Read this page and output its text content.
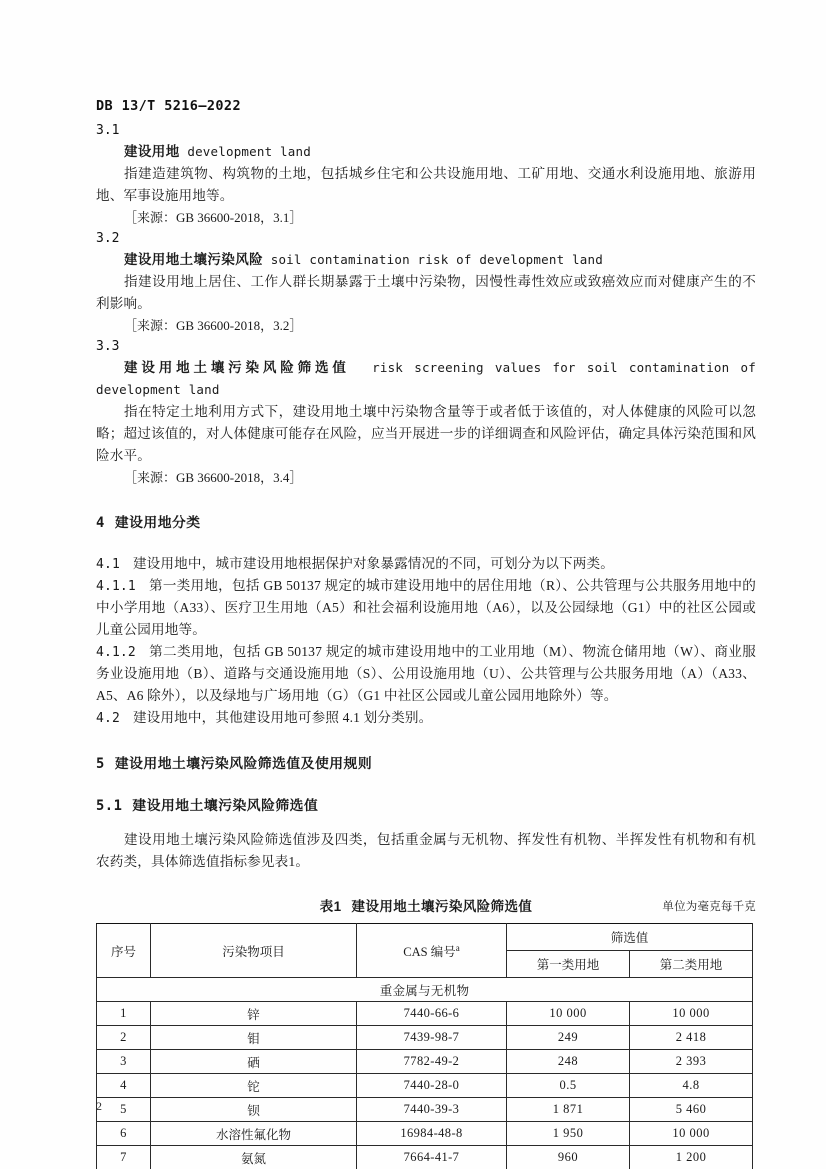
DB 13/T 5216—2022

3.1

建设用地 development land

指建造建筑物、构筑物的土地，包括城乡住宅和公共设施用地、工矿用地、交通水利设施用地、旅游用地、军事设施用地等。

［来源：GB 36600-2018，3.1］

3.2

建设用地土壤污染风险 soil contamination risk of development land

指建设用地上居住、工作人群长期暴露于土壤中污染物，因慢性毒性效应或致癌效应而对健康产生的不利影响。

［来源：GB 36600-2018，3.2］

3.3

建设用地土壤污染风险筛选值 risk screening values for soil contamination of development land

指在特定土地利用方式下，建设用地土壤中污染物含量等于或者低于该值的，对人体健康的风险可以忽略；超过该值的，对人体健康可能存在风险，应当开展进一步的详细调查和风险评估，确定具体污染范围和风险水平。

［来源：GB 36600-2018，3.4］

4 建设用地分类

4.1 建设用地中，城市建设用地根据保护对象暴露情况的不同，可划分为以下两类。

4.1.1 第一类用地，包括 GB 50137 规定的城市建设用地中的居住用地（R）、公共管理与公共服务用地中的中小学用地（A33）、医疗卫生用地（A5）和社会福利设施用地（A6），以及公园绿地（G1）中的社区公园或儿童公园用地等。

4.1.2 第二类用地，包括 GB 50137 规定的城市建设用地中的工业用地（M）、物流仓储用地（W）、商业服务业设施用地（B）、道路与交通设施用地（S）、公用设施用地（U）、公共管理与公共服务用地（A）（A33、A5、A6 除外），以及绿地与广场用地（G）（G1 中社区公园或儿童公园用地除外）等。

4.2 建设用地中，其他建设用地可参照 4.1 划分类别。

5 建设用地土壤污染风险筛选值及使用规则

5.1 建设用地土壤污染风险筛选值

建设用地土壤污染风险筛选值涉及四类，包括重金属与无机物、挥发性有机物、半挥发性有机物和有机农药类，具体筛选值指标参见表1。

表1 建设用地土壤污染风险筛选值	单位为毫克每千克

序号	污染物项目	CAS 编号$^a$	筛选值	
			第一类用地	第二类用地
重金属与无机物				
1	锌	7440-66-6	10 000	10 000
2	钼	7439-98-7	249	2 418
3	硒	7782-49-2	248	2 393
4	铊	7440-28-0	0.5	4.8
5	钡	7440-39-3	1 871	5 460
6	水溶性氟化物	16984-48-8	1 950	10 000
7	氨氮	7664-41-7	960	1 200
2
